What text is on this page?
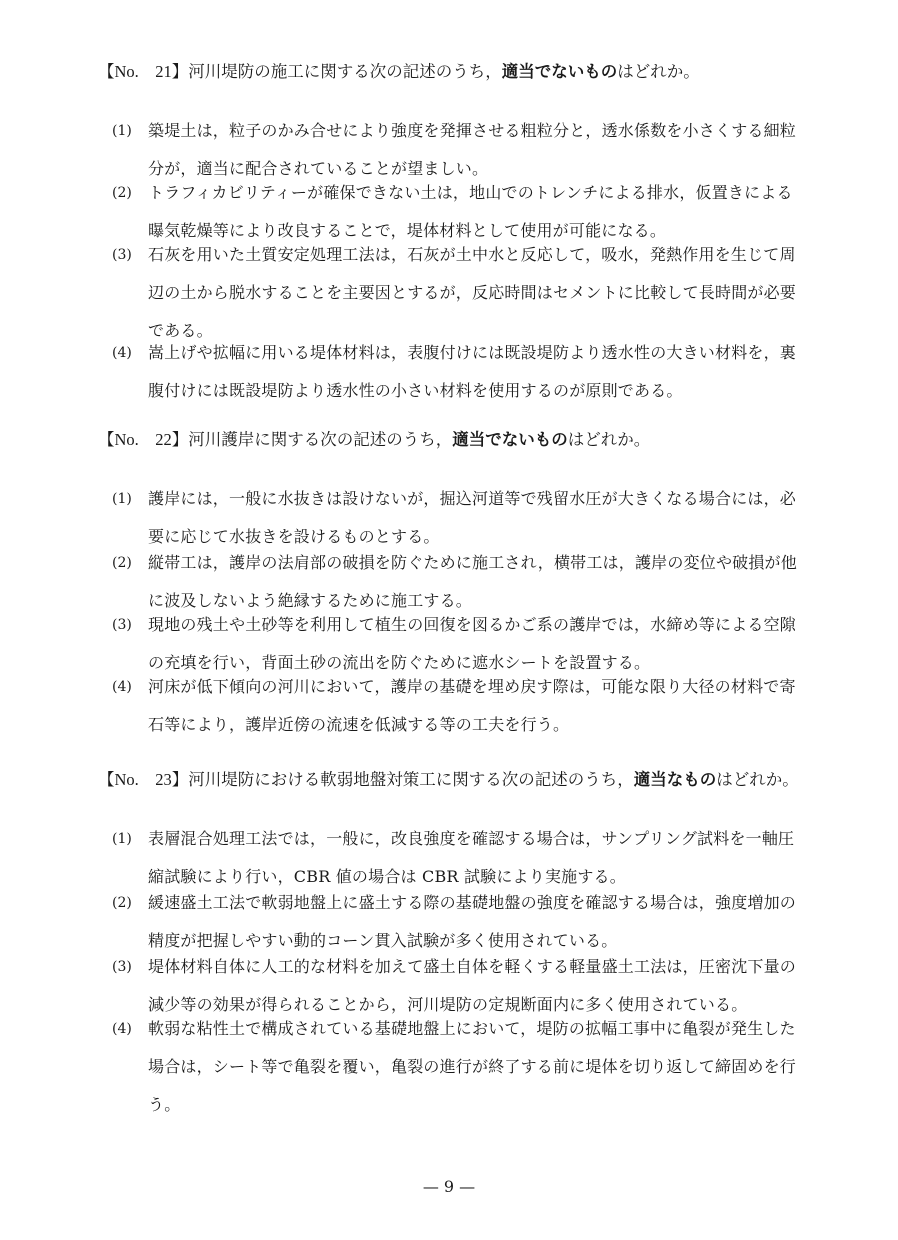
【No.　21】河川堤防の施工に関する次の記述のうち，適当でないものはどれか。
(1)	築堤土は，粒子のかみ合せにより強度を発揮させる粗粒分と，透水係数を小さくする細粒分が，適当に配合されていることが望ましい。
(2)	トラフィカビリティーが確保できない土は，地山でのトレンチによる排水，仮置きによる曝気乾燥等により改良することで，堤体材料として使用が可能になる。
(3)	石灰を用いた土質安定処理工法は，石灰が土中水と反応して，吸水，発熱作用を生じて周辺の土から脱水することを主要因とするが，反応時間はセメントに比較して長時間が必要である。
(4)	嵩上げや拡幅に用いる堤体材料は，表腹付けには既設堤防より透水性の大きい材料を，裏腹付けには既設堤防より透水性の小さい材料を使用するのが原則である。
【No.　22】河川護岸に関する次の記述のうち，適当でないものはどれか。
(1)	護岸には，一般に水抜きは設けないが，掘込河道等で残留水圧が大きくなる場合には，必要に応じて水抜きを設けるものとする。
(2)	縦帯工は，護岸の法肩部の破損を防ぐために施工され，横帯工は，護岸の変位や破損が他に波及しないよう絶縁するために施工する。
(3)	現地の残土や土砂等を利用して植生の回復を図るかご系の護岸では，水締め等による空隙の充填を行い，背面土砂の流出を防ぐために遮水シートを設置する。
(4)	河床が低下傾向の河川において，護岸の基礎を埋め戻す際は，可能な限り大径の材料で寄石等により，護岸近傍の流速を低減する等の工夫を行う。
【No.　23】河川堤防における軟弱地盤対策工に関する次の記述のうち，適当なものはどれか。
(1)	表層混合処理工法では，一般に，改良強度を確認する場合は，サンプリング試料を一軸圧縮試験により行い，CBR 値の場合は CBR 試験により実施する。
(2)	緩速盛土工法で軟弱地盤上に盛土する際の基礎地盤の強度を確認する場合は，強度増加の精度が把握しやすい動的コーン貫入試験が多く使用されている。
(3)	堤体材料自体に人工的な材料を加えて盛土自体を軽くする軽量盛土工法は，圧密沈下量の減少等の効果が得られることから，河川堤防の定規断面内に多く使用されている。
(4)	軟弱な粘性土で構成されている基礎地盤上において，堤防の拡幅工事中に亀裂が発生した場合は，シート等で亀裂を覆い，亀裂の進行が終了する前に堤体を切り返して締固めを行う。
— 9 —
